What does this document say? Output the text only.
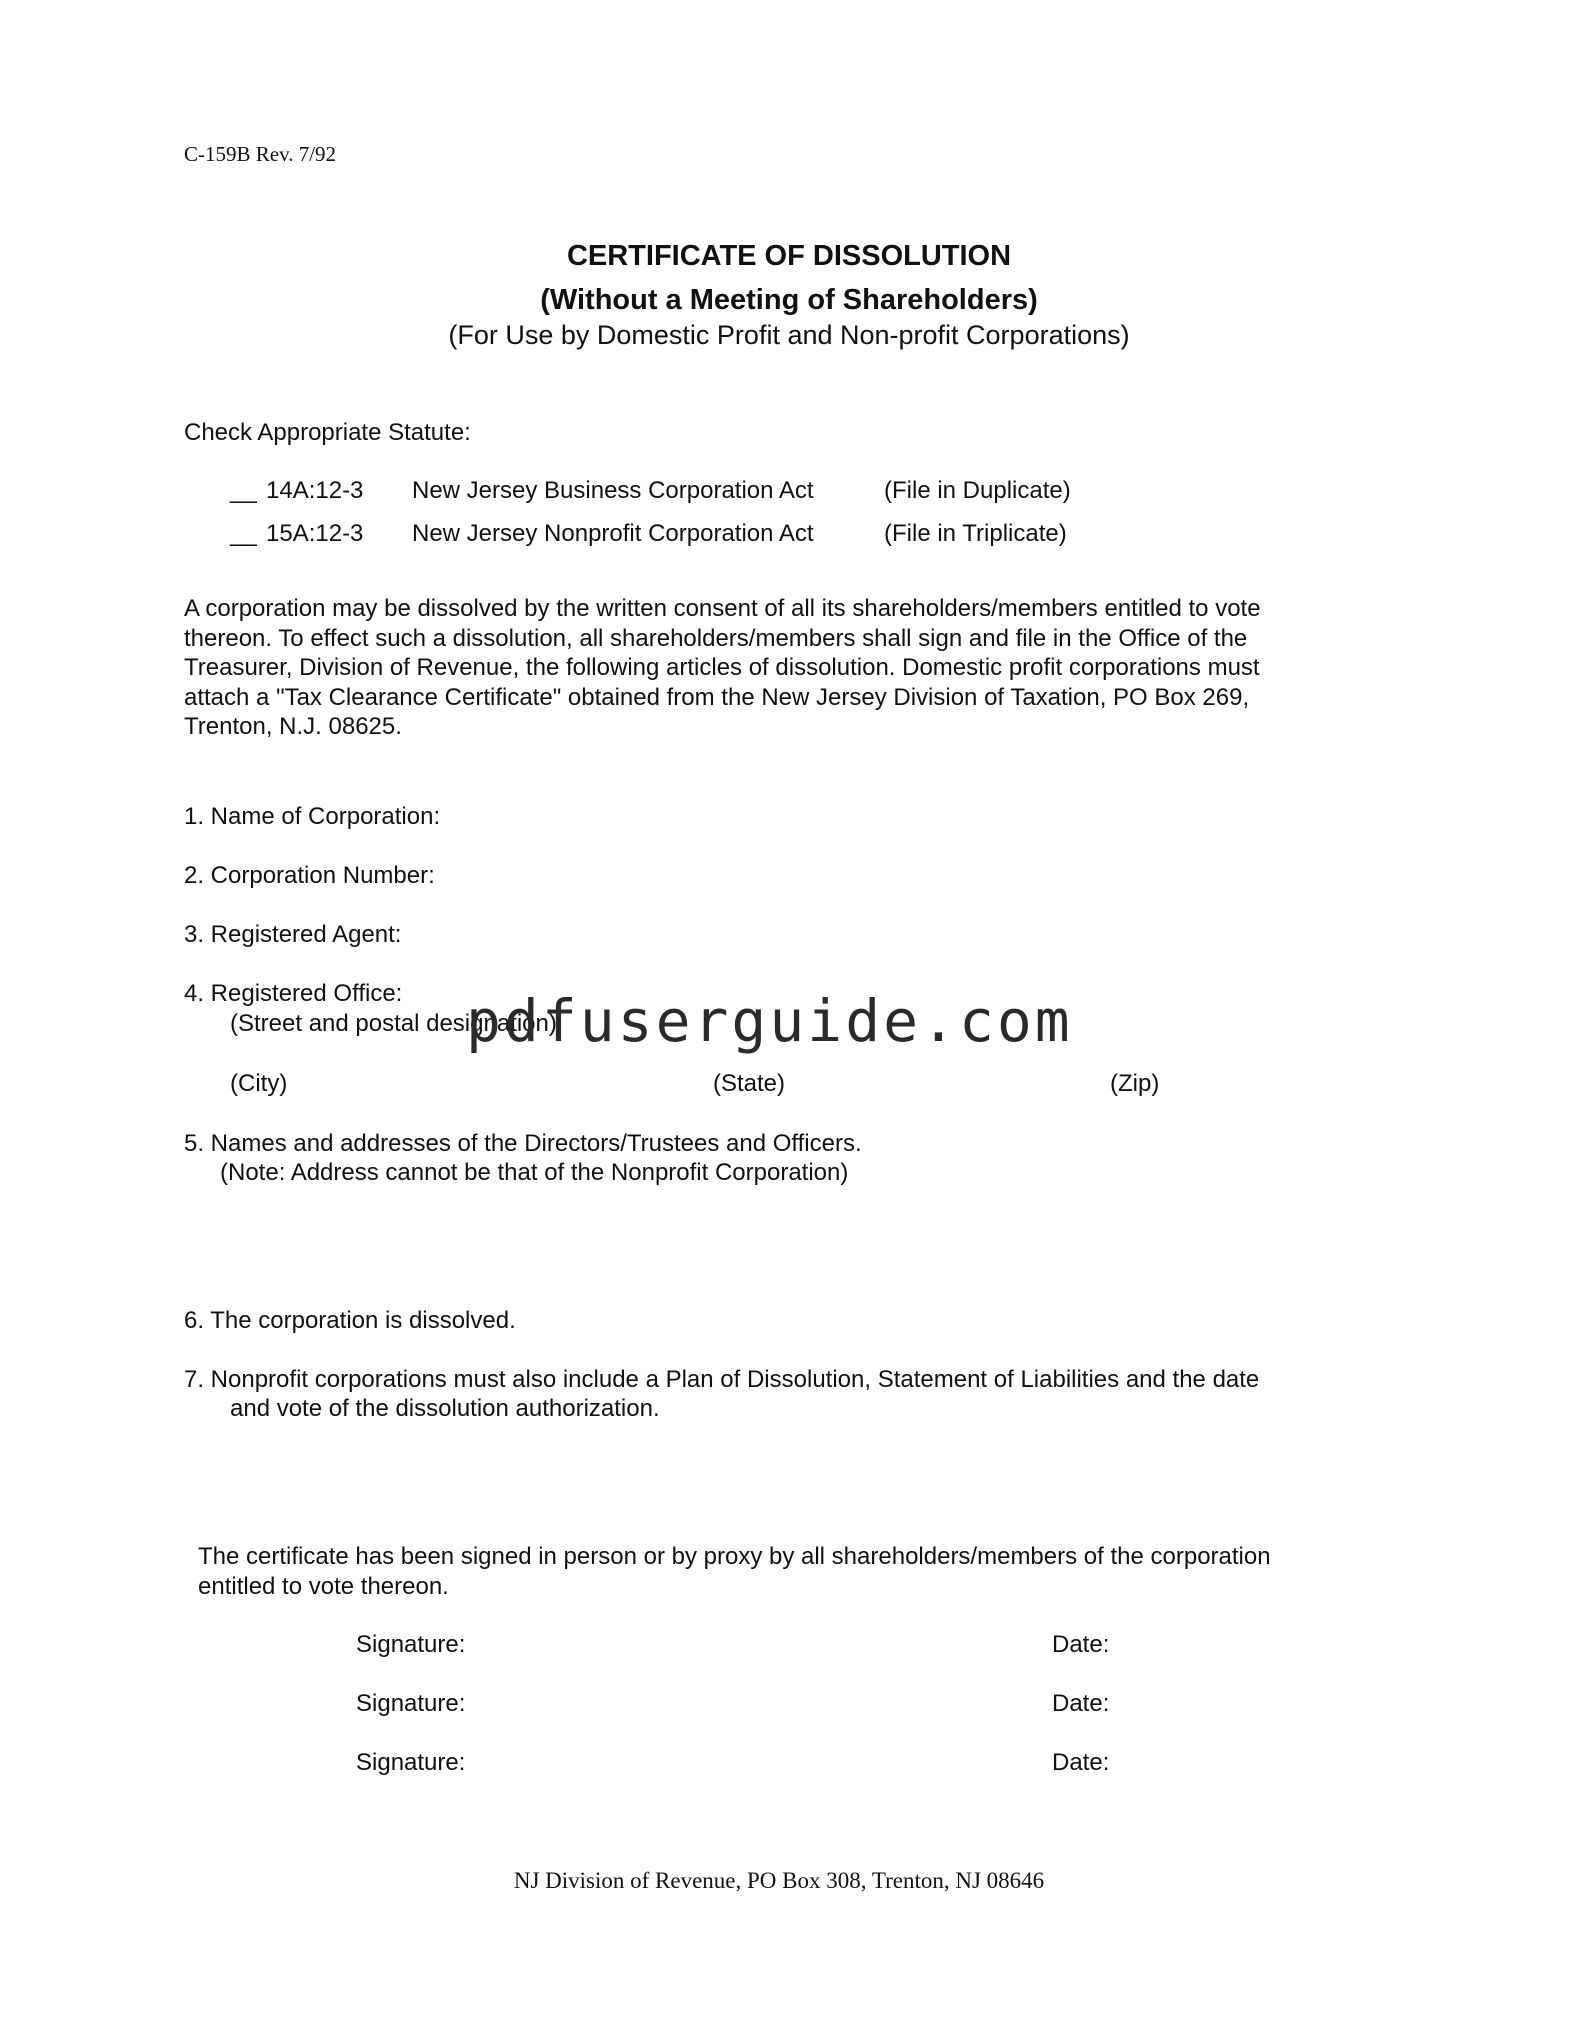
C-159B Rev. 7/92
CERTIFICATE OF DISSOLUTION
(Without a Meeting of Shareholders)
(For Use by Domestic Profit and Non-profit Corporations)
Check Appropriate Statute:
__ 14A:12-3 New Jersey Business Corporation Act	(File in Duplicate)
__ 15A:12-3 New Jersey Nonprofit Corporation Act	(File in Triplicate)
A corporation may be dissolved by the written consent of all its shareholders/members entitled to vote
thereon. To effect such a dissolution, all shareholders/members shall sign and file in the Office of the
Treasurer, Division of Revenue, the following articles of dissolution. Domestic profit corporations must
attach a "Tax Clearance Certificate" obtained from the New Jersey Division of Taxation, PO Box 269,
Trenton, N.J. 08625.
1. Name of Corporation:
2. Corporation Number:
3. Registered Agent:
4. Registered Office:
(Street and postal designation)
(City)	(State)	(Zip)
5. Names and addresses of the Directors/Trustees and Officers.
(Note: Address cannot be that of the Nonprofit Corporation)
6. The corporation is dissolved.
7. Nonprofit corporations must also include a Plan of Dissolution, Statement of Liabilities and the date
and vote of the dissolution authorization.
The certificate has been signed in person or by proxy by all shareholders/members of the corporation
entitled to vote thereon.
Signature:	Date:
Signature:	Date:
Signature:	Date:
NJ Division of Revenue, PO Box 308, Trenton, NJ 08646
pdfuserguide.com
